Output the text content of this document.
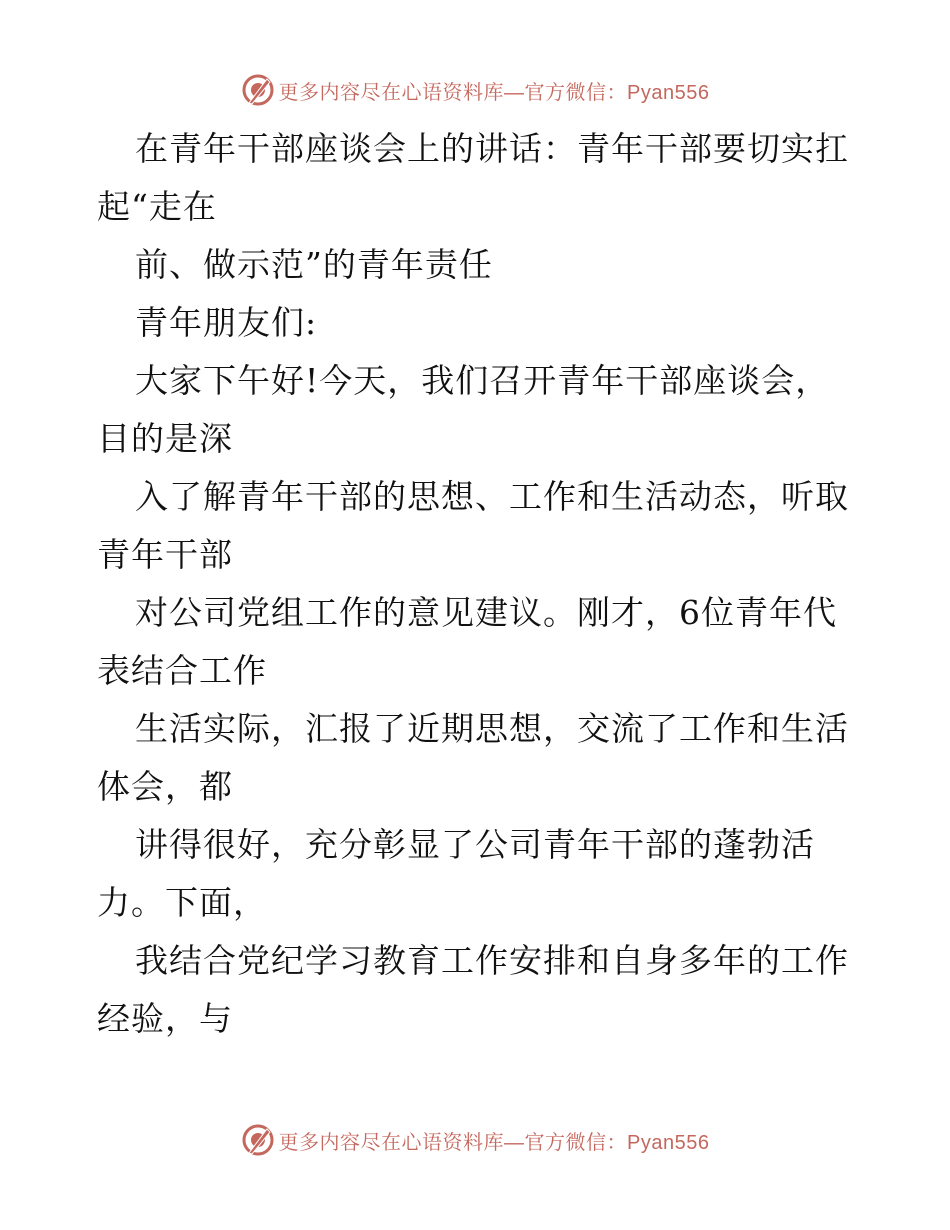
更多内容尽在心语资料库—官方微信：Pyan556
在青年干部座谈会上的讲话：青年干部要切实扛
起“走在
前、做示范”的青年责任
青年朋友们:
大家下午好!今天，我们召开青年干部座谈会，
目的是深
入了解青年干部的思想、工作和生活动态，听取
青年干部
对公司党组工作的意见建议。刚才，6位青年代
表结合工作
生活实际，汇报了近期思想，交流了工作和生活
体会，都
讲得很好，充分彰显了公司青年干部的蓬勃活
力。下面，
我结合党纪学习教育工作安排和自身多年的工作
经验，与
更多内容尽在心语资料库—官方微信：Pyan556
